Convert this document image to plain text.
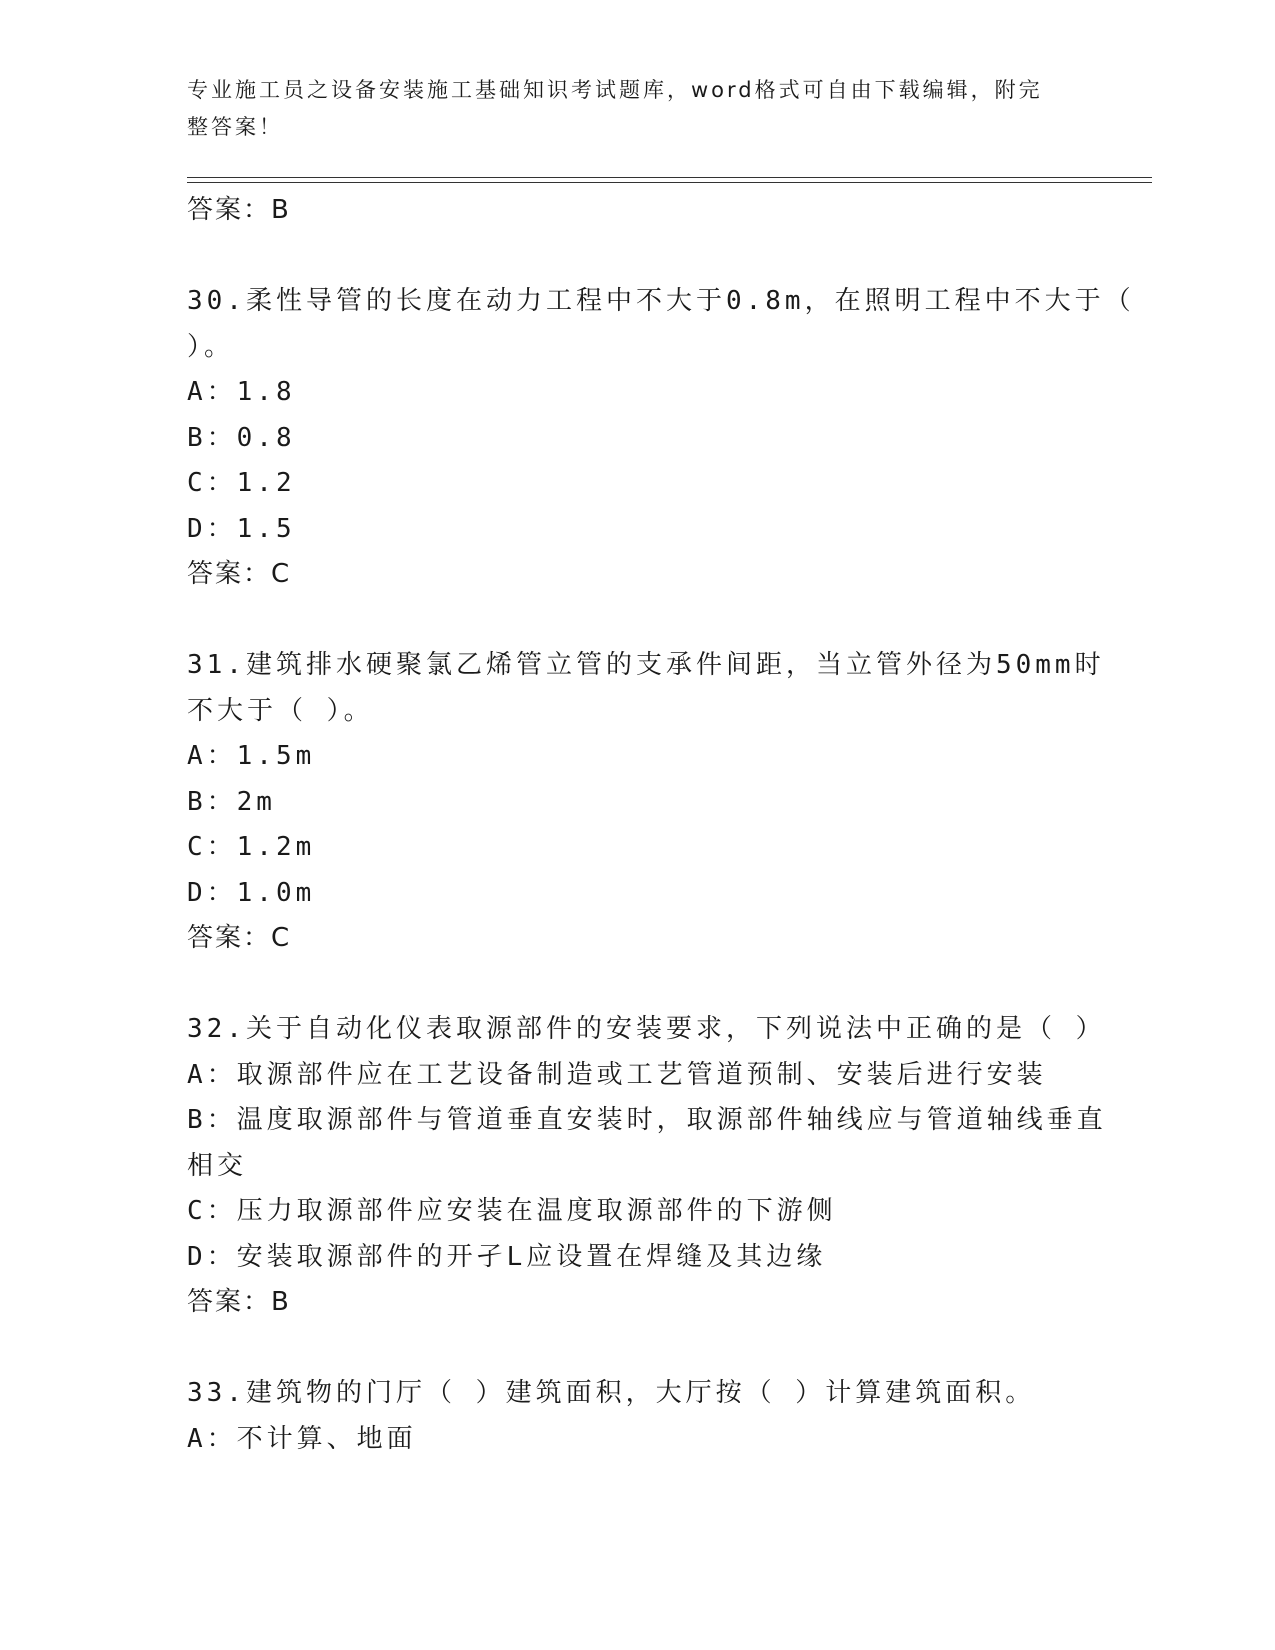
专业施工员之设备安装施工基础知识考试题库，word格式可自由下载编辑，附完
整答案！

答案：B

30.柔性导管的长度在动力工程中不大于0.8m，在照明工程中不大于（

）。

A：1.8

B：0.8

C：1.2

D：1.5

答案：C

31.建筑排水硬聚氯乙烯管立管的支承件间距，当立管外径为50mm时

不大于（ ）。

A：1.5m

B：2m

C：1.2m

D：1.0m

答案：C

32.关于自动化仪表取源部件的安装要求，下列说法中正确的是（ ）

A：取源部件应在工艺设备制造或工艺管道预制、安装后进行安装

B：温度取源部件与管道垂直安装时，取源部件轴线应与管道轴线垂直

相交

C：压力取源部件应安装在温度取源部件的下游侧

D：安装取源部件的开孑L应设置在焊缝及其边缘

答案：B

33.建筑物的门厅（ ）建筑面积，大厅按（ ）计算建筑面积。

A：不计算、地面
